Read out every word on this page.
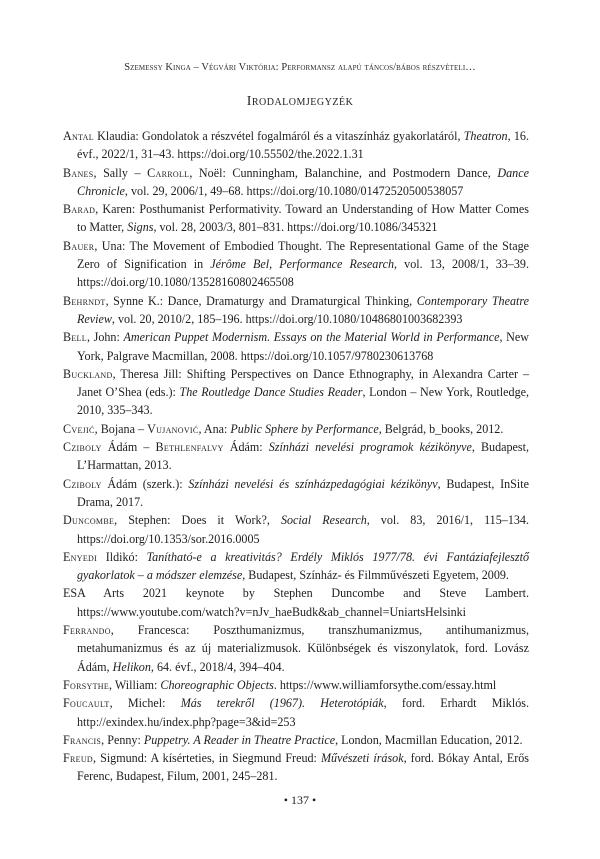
Szemessy Kinga – Végvári Viktória: Performansz alapú táncos/bábos részvételi…
Irodalomjegyzék
Antal Klaudia: Gondolatok a részvétel fogalmáról és a vitaszínház gyakorlatáról, Theatron, 16. évf., 2022/1, 31–43. https://doi.org/10.55502/the.2022.1.31
Banes, Sally – Carroll, Noël: Cunningham, Balanchine, and Postmodern Dance, Dance Chronicle, vol. 29, 2006/1, 49–68. https://doi.org/10.1080/01472520500538057
Barad, Karen: Posthumanist Performativity. Toward an Understanding of How Matter Comes to Matter, Signs, vol. 28, 2003/3, 801–831. https://doi.org/10.1086/345321
Bauer, Una: The Movement of Embodied Thought. The Representational Game of the Stage Zero of Signification in Jérôme Bel, Performance Research, vol. 13, 2008/1, 33–39. https://doi.org/10.1080/13528160802465508
Behrndt, Synne K.: Dance, Dramaturgy and Dramaturgical Thinking, Contemporary Theatre Review, vol. 20, 2010/2, 185–196. https://doi.org/10.1080/10486801003682393
Bell, John: American Puppet Modernism. Essays on the Material World in Performance, New York, Palgrave Macmillan, 2008. https://doi.org/10.1057/9780230613768
Buckland, Theresa Jill: Shifting Perspectives on Dance Ethnography, in Alexandra Carter – Janet O’Shea (eds.): The Routledge Dance Studies Reader, London – New York, Routledge, 2010, 335–343.
Cvejić, Bojana – Vujanović, Ana: Public Sphere by Performance, Belgrád, b_books, 2012.
Cziboly Ádám – Bethlenfalvy Ádám: Színházi nevelési programok kézikönyve, Budapest, L’Harmattan, 2013.
Cziboly Ádám (szerk.): Színházi nevelési és színházpedagógiai kézikönyv, Budapest, InSite Drama, 2017.
Duncombe, Stephen: Does it Work?, Social Research, vol. 83, 2016/1, 115–134. https://doi.org/10.1353/sor.2016.0005
Enyedi Ildikó: Tanítható-e a kreativitás? Erdély Miklós 1977/78. évi Fantáziafejlesztő gyakorlatok – a módszer elemzése, Budapest, Színház- és Filmművészeti Egyetem, 2009.
ESA Arts 2021 keynote by Stephen Duncombe and Steve Lambert. https://www.youtube.com/watch?v=nJv_haeBudk&ab_channel=UniartsHelsinki
Ferrando, Francesca: Poszthumanizmus, transzhumanizmus, antihumanizmus, metahumanizmus és az új materializmusok. Különbségek és viszonylatok, ford. Lovász Ádám, Helikon, 64. évf., 2018/4, 394–404.
Forsythe, William: Choreographic Objects. https://www.williamforsythe.com/essay.html
Foucault, Michel: Más terekről (1967). Heterotópiák, ford. Erhardt Miklós. http://exindex.hu/index.php?page=3&id=253
Francis, Penny: Puppetry. A Reader in Theatre Practice, London, Macmillan Education, 2012.
Freud, Sigmund: A kísérteties, in Siegmund Freud: Művészeti írások, ford. Bókay Antal, Erős Ferenc, Budapest, Filum, 2001, 245–281.
• 137 •
